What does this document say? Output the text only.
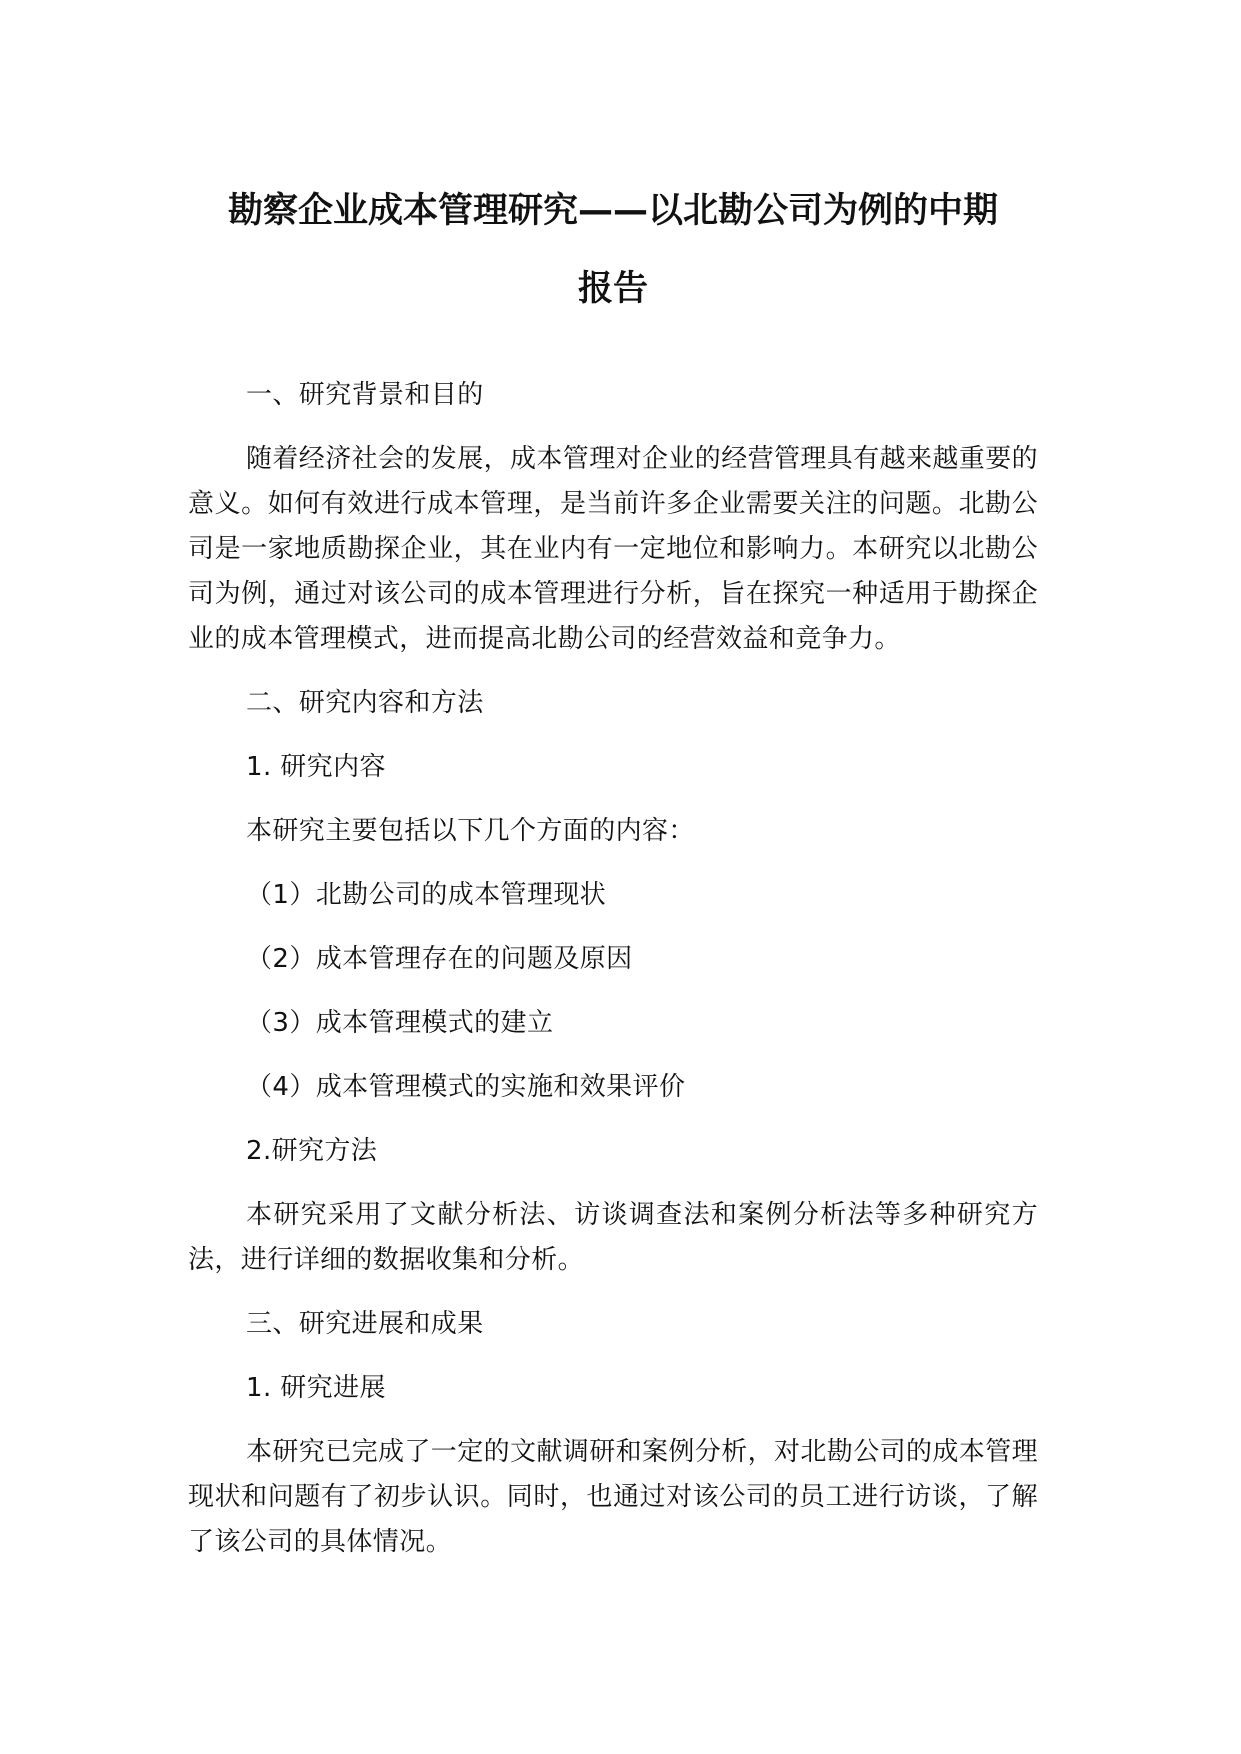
勘察企业成本管理研究——以北勘公司为例的中期
报告

一、研究背景和目的

随着经济社会的发展，成本管理对企业的经营管理具有越来越重要的意义。如何有效进行成本管理，是当前许多企业需要关注的问题。北勘公司是一家地质勘探企业，其在业内有一定地位和影响力。本研究以北勘公司为例，通过对该公司的成本管理进行分析，旨在探究一种适用于勘探企业的成本管理模式，进而提高北勘公司的经营效益和竞争力。

二、研究内容和方法

1. 研究内容

本研究主要包括以下几个方面的内容：

（1）北勘公司的成本管理现状

（2）成本管理存在的问题及原因

（3）成本管理模式的建立

（4）成本管理模式的实施和效果评价

2.研究方法

本研究采用了文献分析法、访谈调查法和案例分析法等多种研究方法，进行详细的数据收集和分析。

三、研究进展和成果

1. 研究进展

本研究已完成了一定的文献调研和案例分析，对北勘公司的成本管理现状和问题有了初步认识。同时，也通过对该公司的员工进行访谈，了解了该公司的具体情况。
